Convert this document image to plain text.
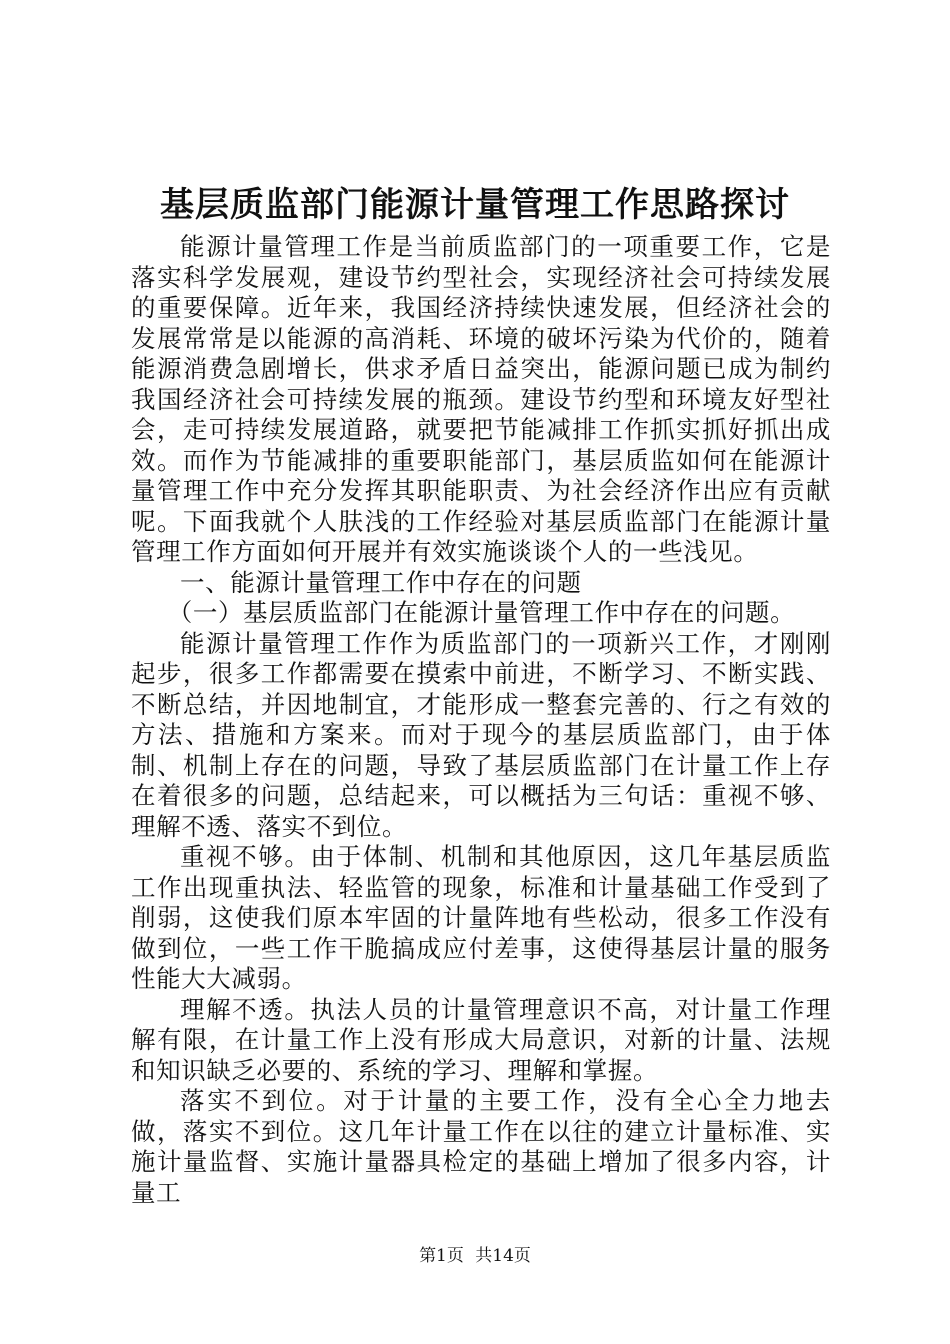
基层质监部门能源计量管理工作思路探讨

能源计量管理工作是当前质监部门的一项重要工作，它是落实科学发展观，建设节约型社会，实现经济社会可持续发展的重要保障。近年来，我国经济持续快速发展，但经济社会的发展常常是以能源的高消耗、环境的破坏污染为代价的，随着能源消费急剧增长，供求矛盾日益突出，能源问题已成为制约我国经济社会可持续发展的瓶颈。建设节约型和环境友好型社会，走可持续发展道路，就要把节能减排工作抓实抓好抓出成效。而作为节能减排的重要职能部门，基层质监如何在能源计量管理工作中充分发挥其职能职责、为社会经济作出应有贡献呢。下面我就个人肤浅的工作经验对基层质监部门在能源计量管理工作方面如何开展并有效实施谈谈个人的一些浅见。

一、能源计量管理工作中存在的问题

（一）基层质监部门在能源计量管理工作中存在的问题。

能源计量管理工作作为质监部门的一项新兴工作，才刚刚起步，很多工作都需要在摸索中前进，不断学习、不断实践、不断总结，并因地制宜，才能形成一整套完善的、行之有效的方法、措施和方案来。而对于现今的基层质监部门，由于体制、机制上存在的问题，导致了基层质监部门在计量工作上存在着很多的问题，总结起来，可以概括为三句话：重视不够、理解不透、落实不到位。

重视不够。由于体制、机制和其他原因，这几年基层质监工作出现重执法、轻监管的现象，标准和计量基础工作受到了削弱，这使我们原本牢固的计量阵地有些松动，很多工作没有做到位，一些工作干脆搞成应付差事，这使得基层计量的服务性能大大减弱。

理解不透。执法人员的计量管理意识不高，对计量工作理解有限，在计量工作上没有形成大局意识，对新的计量、法规和知识缺乏必要的、系统的学习、理解和掌握。

落实不到位。对于计量的主要工作，没有全心全力地去做，落实不到位。这几年计量工作在以往的建立计量标准、实施计量监督、实施计量器具检定的基础上增加了很多内容，计量工

第1页 共14页
